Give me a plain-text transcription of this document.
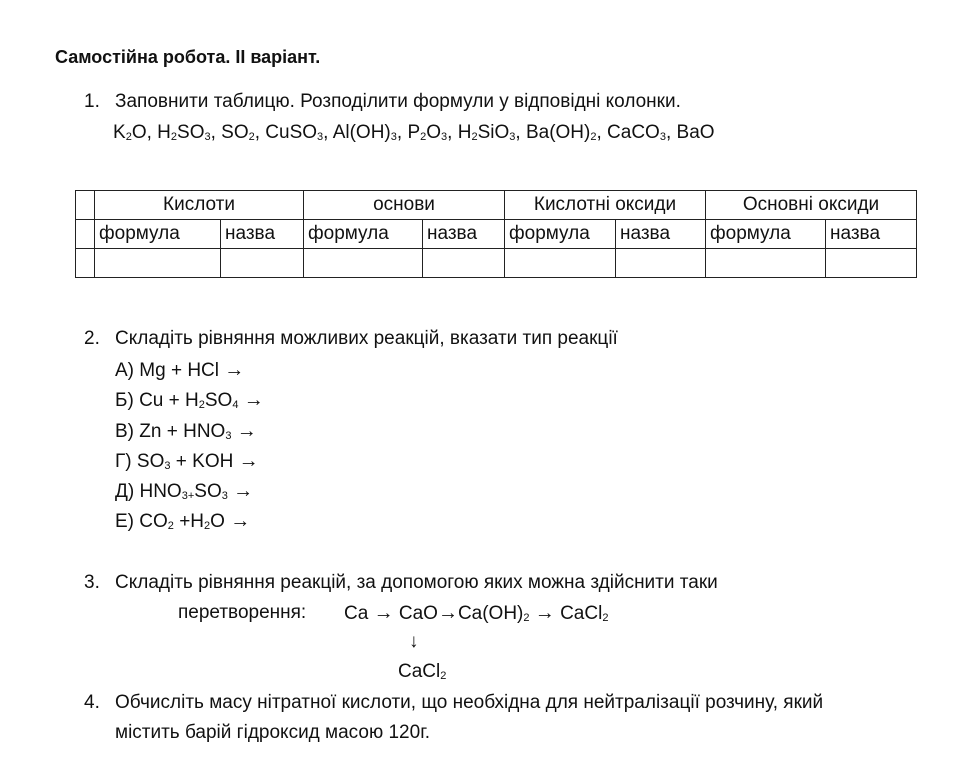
Самостійна робота. ІІ варіант.
1. Заповнити таблицю. Розподілити формули у відповідні колонки.
$K_2O$, $H_2SO_3$, $SO_2$, CuSO$_3$, $Al(OH)_3$, $P_2O_3$, $H_2SiO_3$, $Ba(OH)_2$, CaCO$_3$, BaO
	Кислоти		основи		Кислотні оксиди		Основні оксиди	
	формула	назва	формула	назва	формула	назва	формула	назва

2. Складіть рівняння можливих реакцій, вказати тип реакції
А) Mg + HCl →
Б) $Cu + H_2SO_4$ →
В) $Zn + HNO_3$ →
Г) $SO_3$ + KOH →
Д) $HNO_{3+}SO_3$ →
Е) $CO_2 +H_2O$ →
3. Складіть рівняння реакцій, за допомогою яких можна здійснити таки
перетворення: $Ca \to CaO\to Ca(OH)_2$ → CaCl$_2$
↓
CaCl$_2$
4. Обчисліть масу нітратної кислоти, що необхідна для нейтралізації розчину, який
містить барій гідроксид масою 120г.
